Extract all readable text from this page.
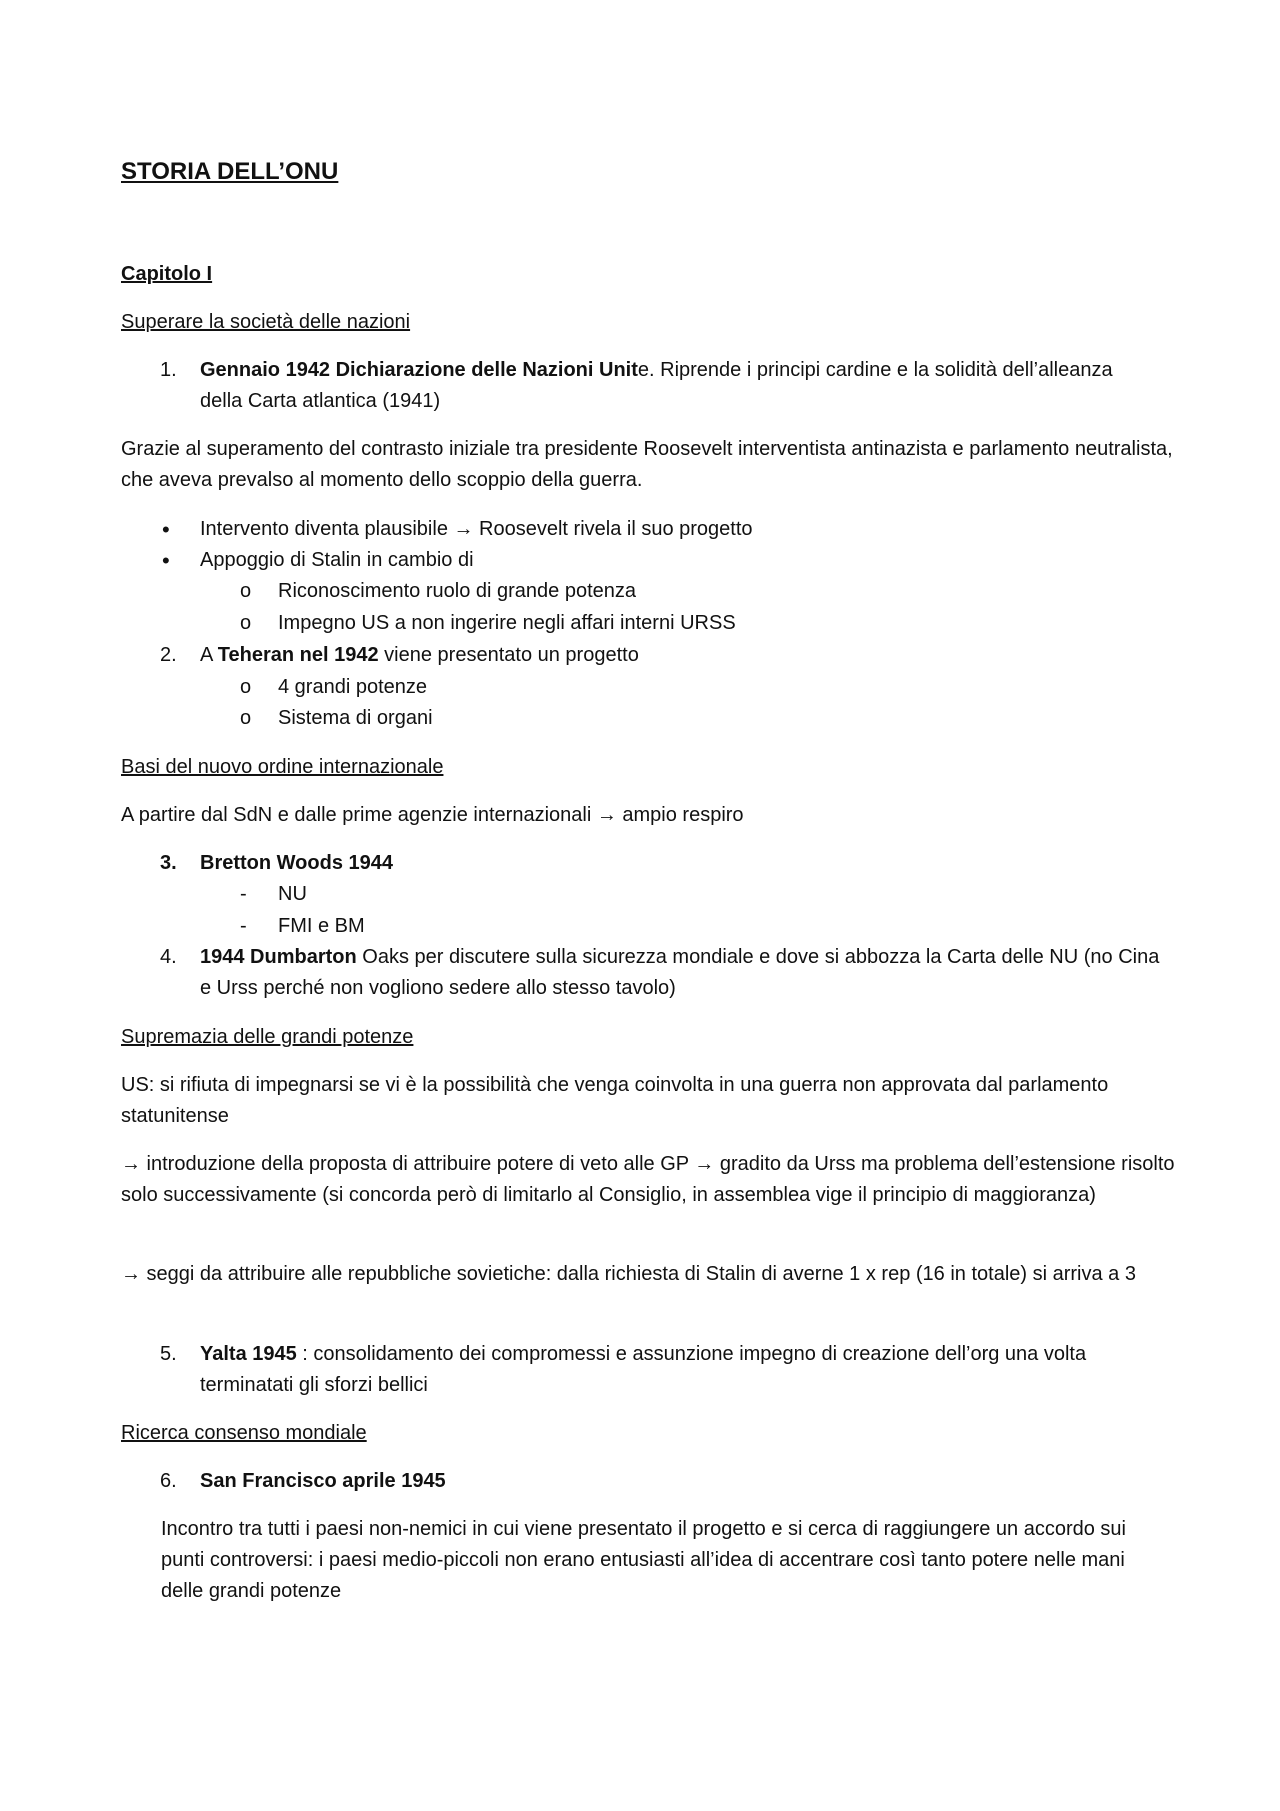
STORIA DELL’ONU
Capitolo I
Superare la società delle nazioni
1. Gennaio 1942 Dichiarazione delle Nazioni Unite. Riprende i principi cardine e la solidità dell’alleanza della Carta atlantica (1941)
Grazie al superamento del contrasto iniziale tra presidente Roosevelt interventista antinazista e parlamento neutralista, che aveva prevalso al momento dello scoppio della guerra.
• Intervento diventa plausibile → Roosevelt rivela il suo progetto
• Appoggio di Stalin in cambio di
o Riconoscimento ruolo di grande potenza
o Impegno US a non ingerire negli affari interni URSS
2. A Teheran nel 1942 viene presentato un progetto
o 4 grandi potenze
o Sistema di organi
Basi del nuovo ordine internazionale
A partire dal SdN e dalle prime agenzie internazionali → ampio respiro
3. Bretton Woods 1944
- NU
- FMI e BM
4. 1944 Dumbarton Oaks per discutere sulla sicurezza mondiale e dove si abbozza la Carta delle NU (no Cina e Urss perché non vogliono sedere allo stesso tavolo)
Supremazia delle grandi potenze
US: si rifiuta di impegnarsi se vi è la possibilità che venga coinvolta in una guerra non approvata dal parlamento statunitense
→ introduzione della proposta di attribuire potere di veto alle GP → gradito da Urss ma problema dell’estensione risolto solo successivamente (si concorda però di limitarlo al Consiglio, in assemblea vige il principio di maggioranza)
→ seggi da attribuire alle repubbliche sovietiche: dalla richiesta di Stalin di averne 1 x rep (16 in totale) si arriva a 3
5. Yalta 1945 : consolidamento dei compromessi e assunzione impegno di creazione dell’org una volta terminatati gli sforzi bellici
Ricerca consenso mondiale
6. San Francisco aprile 1945
Incontro tra tutti i paesi non-nemici in cui viene presentato il progetto e si cerca di raggiungere un accordo sui punti controversi: i paesi medio-piccoli non erano entusiasti all’idea di accentrare così tanto potere nelle mani delle grandi potenze
